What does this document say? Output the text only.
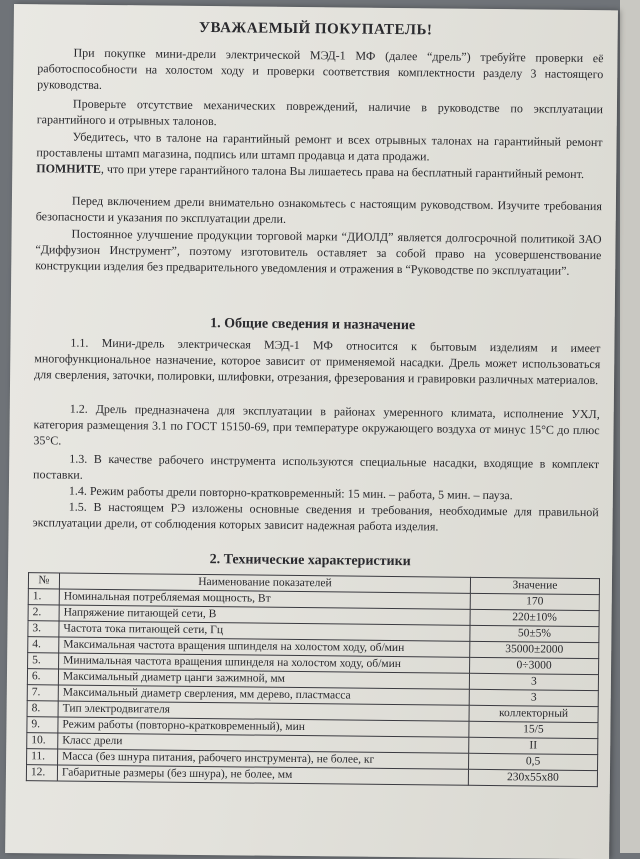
УВАЖАЕМЫЙ ПОКУПАТЕЛЬ!

При покупке мини-дрели электрической МЭД-1 МФ (далее “дрель”) требуйте проверки её работоспособности на холостом ходу и проверки соответствия комплектности разделу 3 настоящего руководства.

Проверьте отсутствие механических повреждений, наличие в руководстве по эксплуатации гарантийного и отрывных талонов.

Убедитесь, что в талоне на гарантийный ремонт и всех отрывных талонах на гарантийный ремонт проставлены штамп магазина, подпись или штамп продавца и дата продажи.

ПОМНИТЕ, что при утере гарантийного талона Вы лишаетесь права на бесплатный гарантийный ремонт.

Перед включением дрели внимательно ознакомьтесь с настоящим руководством. Изучите требования безопасности и указания по эксплуатации дрели.

Постоянное улучшение продукции торговой марки “ДИОЛД” является долгосрочной политикой ЗАО “Диффузион Инструмент”, поэтому изготовитель оставляет за собой право на усовершенствование конструкции изделия без предварительного уведомления и отражения в “Руководстве по эксплуатации”.

1. Общие сведения и назначение

1.1. Мини-дрель электрическая МЭД-1 МФ относится к бытовым изделиям и имеет многофункциональное назначение, которое зависит от применяемой насадки. Дрель может использоваться для сверления, заточки, полировки, шлифовки, отрезания, фрезерования и гравировки различных материалов.

1.2. Дрель предназначена для эксплуатации в районах умеренного климата, исполнение УХЛ, категория размещения 3.1 по ГОСТ 15150-69, при температуре окружающего воздуха от минус 15°С до плюс 35°С.

1.3. В качестве рабочего инструмента используются специальные насадки, входящие в комплект поставки.

1.4. Режим работы дрели повторно-кратковременный: 15 мин. – работа, 5 мин. – пауза.

1.5. В настоящем РЭ изложены основные сведения и требования, необходимые для правильной эксплуатации дрели, от соблюдения которых зависит надежная работа изделия.

2. Технические характеристики
№	Наименование показателей	Значение
1.	Номинальная потребляемая мощность, Вт	170
2.	Напряжение питающей сети, В	220±10%
3.	Частота тока питающей сети, Гц	50±5%
4.	Максимальная частота вращения шпинделя на холостом ходу, об/мин	35000±2000
5.	Минимальная частота вращения шпинделя на холостом ходу, об/мин	0÷3000
6.	Максимальный диаметр цанги зажимной, мм	3
7.	Максимальный диаметр сверления, мм дерево, пластмасса	3
8.	Тип электродвигателя	коллекторный
9.	Режим работы (повторно-кратковременный), мин	15/5
10.	Класс дрели	II
11.	Масса (без шнура питания, рабочего инструмента), не более, кг	0,5
12.	Габаритные размеры (без шнура), не более, мм	230х55х80
